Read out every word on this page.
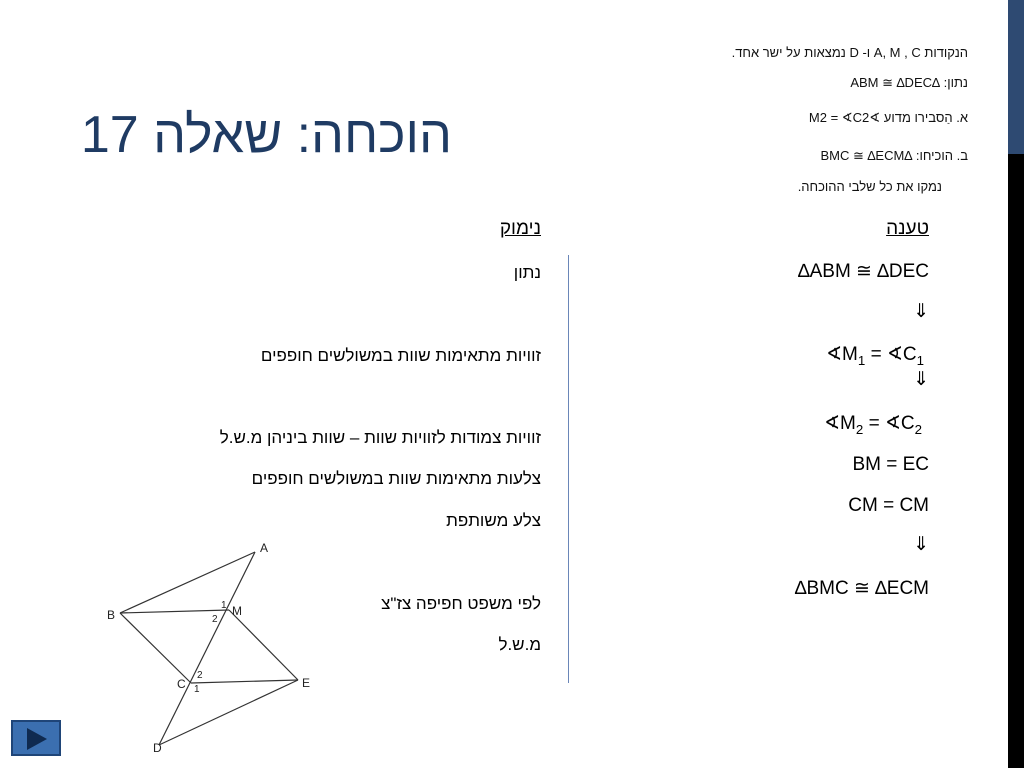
הוכחה: שאלה 17
הנקודות A, M , C ו- D נמצאות על ישר אחד.
נתון: ∆ABM ≅ ∆DEC
א. הַסבירו מדוע ∢M2 = ∢C2
ב. הוכיחו: ∆BMC ≅ ∆ECM
נמקו את כל שלבי ההוכחה.
טענה
נימוק
∆ABM ≅ ∆DEC
⇓
$∢M_1$ = $∢C_1$
⇓
$∢M_2$ = $∢C_2$
BM = EC
CM = CM
⇓
∆BMC ≅ ∆ECM
נתון
זוויות מתאימות שוות במשולשים חופפים
זוויות צמודות לזוויות שוות – שוות ביניהן מ.ש.ל
צלעות מתאימות שוות במשולשים חופפים
צלע משותפת
לפי משפט חפיפה צז"צ
מ.ש.ל
A
B	M
C	E
D
1
2
2
1
